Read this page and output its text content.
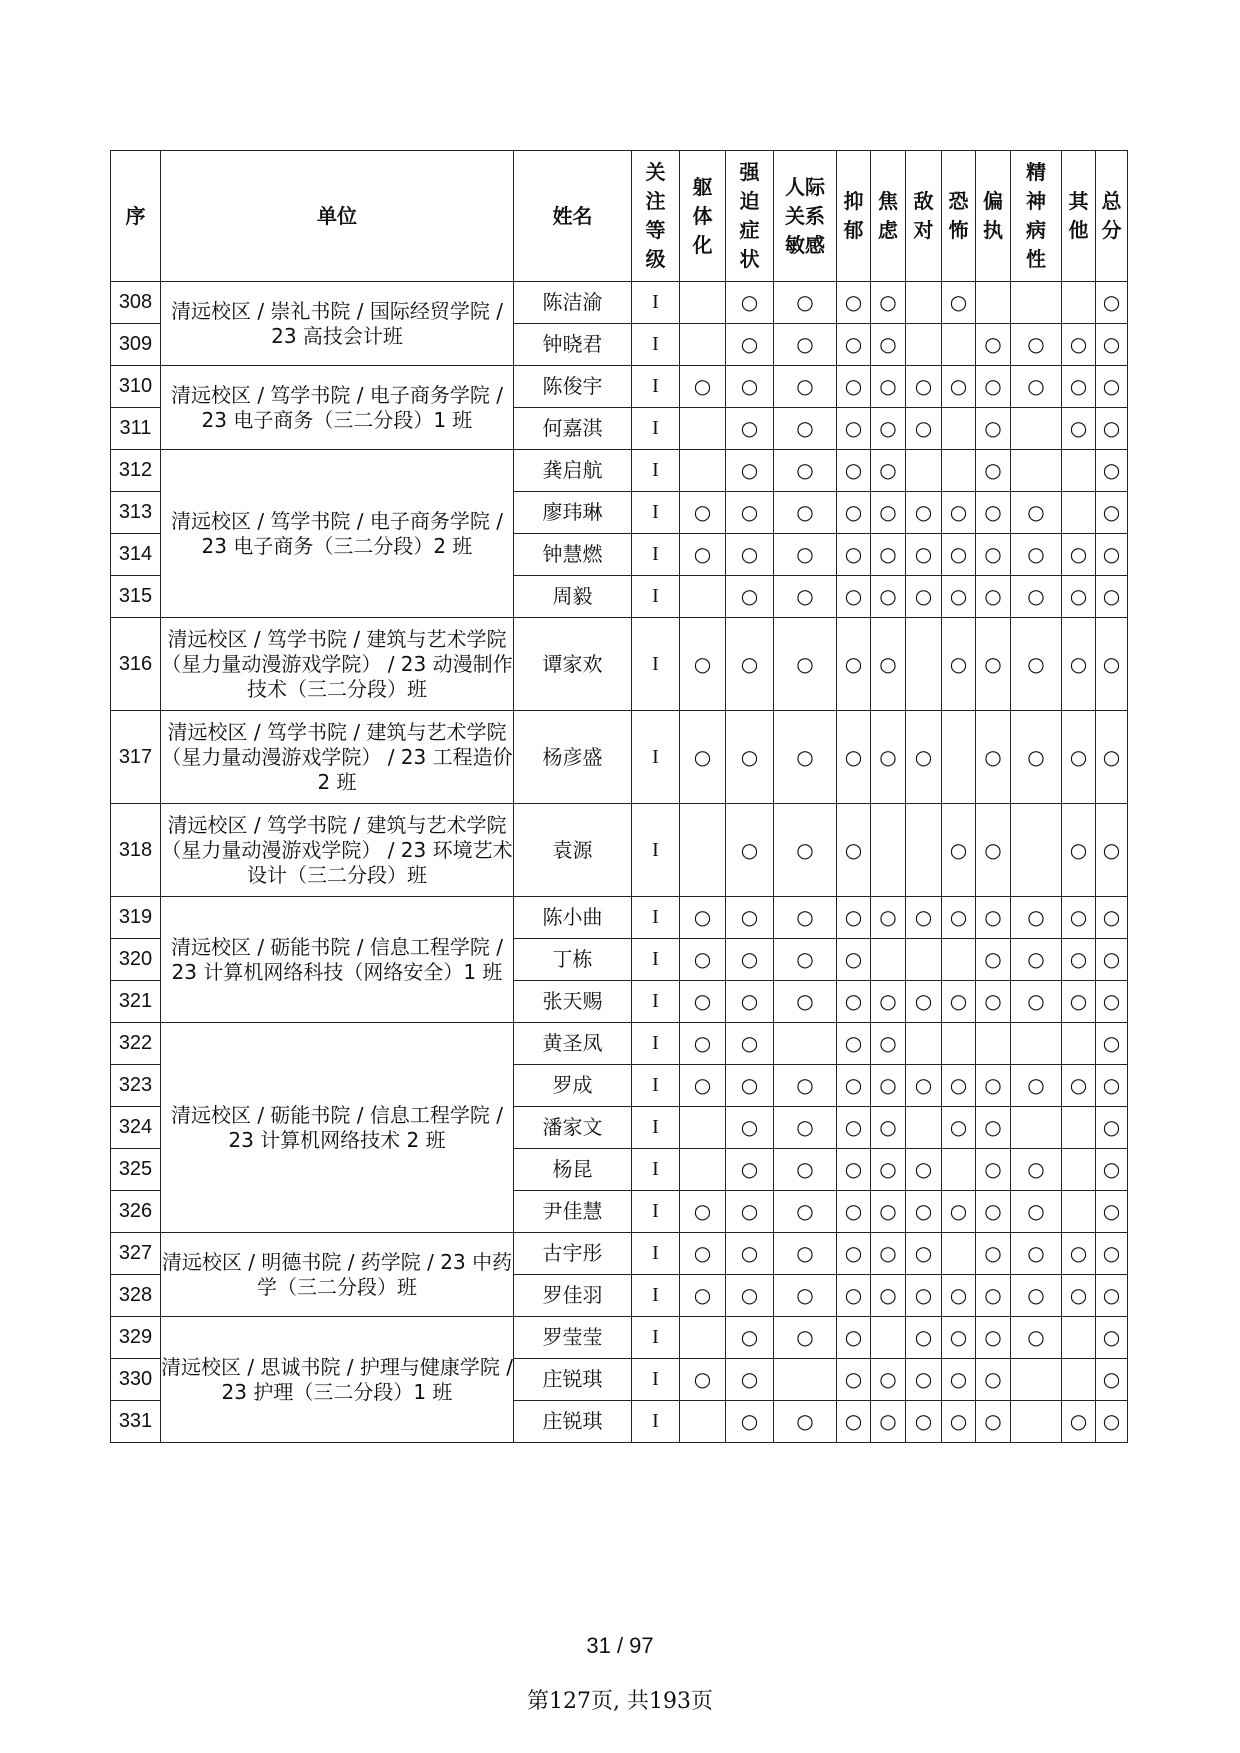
序	单位	姓名	关注等级	躯体化	强迫症状	人际关系敏感	抑郁	焦虑	敌对	恐怖	偏执	精神病性	其他	总分
308	清远校区 / 崇礼书院 / 国际经贸学院 / 23 高技会计班	陈洁渝	I		○	○	○	○		○				○
309		钟晓君	I		○	○	○	○			○	○	○	○
310	清远校区 / 笃学书院 / 电子商务学院 / 23 电子商务（三二分段）1 班	陈俊宇	I	○	○	○	○	○	○	○	○	○	○	○
311		何嘉淇	I		○	○	○	○	○		○		○	○
312	清远校区 / 笃学书院 / 电子商务学院 / 23 电子商务（三二分段）2 班	龚启航	I		○	○	○	○			○			○
313		廖玮琳	I	○	○	○	○	○	○	○	○	○		○
314		钟慧燃	I	○	○	○	○	○	○	○	○	○	○	○
315		周毅	I		○	○	○	○	○	○	○	○	○	○
316	清远校区 / 笃学书院 / 建筑与艺术学院（星力量动漫游戏学院） / 23 动漫制作技术（三二分段）班	谭家欢	I	○	○	○	○	○		○	○	○	○	○
317	清远校区 / 笃学书院 / 建筑与艺术学院（星力量动漫游戏学院） / 23 工程造价 2 班	杨彦盛	I	○	○	○	○	○	○		○	○	○	○
318	清远校区 / 笃学书院 / 建筑与艺术学院（星力量动漫游戏学院） / 23 环境艺术设计（三二分段）班	袁源	I		○	○	○			○	○		○	○
319	清远校区 / 砺能书院 / 信息工程学院 / 23 计算机网络科技（网络安全）1 班	陈小曲	I	○	○	○	○	○	○	○	○	○	○	○
320		丁栋	I	○	○	○	○				○	○	○	○
321		张天赐	I	○	○	○	○	○	○	○	○	○	○	○
322	清远校区 / 砺能书院 / 信息工程学院 / 23 计算机网络技术 2 班	黄圣凤	I	○	○		○	○						○
323		罗成	I	○	○	○	○	○	○	○	○	○	○	○
324		潘家文	I		○	○	○	○		○	○			○
325		杨昆	I		○	○	○	○	○		○	○		○
326		尹佳慧	I	○	○	○	○	○	○	○	○	○		○
327	清远校区 / 明德书院 / 药学院 / 23 中药学（三二分段）班	古宇彤	I	○	○	○	○	○	○		○	○	○	○
328		罗佳羽	I	○	○	○	○	○	○	○	○	○	○	○
329	清远校区 / 思诚书院 / 护理与健康学院 / 23 护理（三二分段）1 班	罗莹莹	I		○	○	○		○	○	○	○		○
330		庄锐琪	I	○	○		○	○	○	○	○			○
331		庄锐琪	I		○	○	○	○	○	○	○		○	○
31 / 97
第127页, 共193页
